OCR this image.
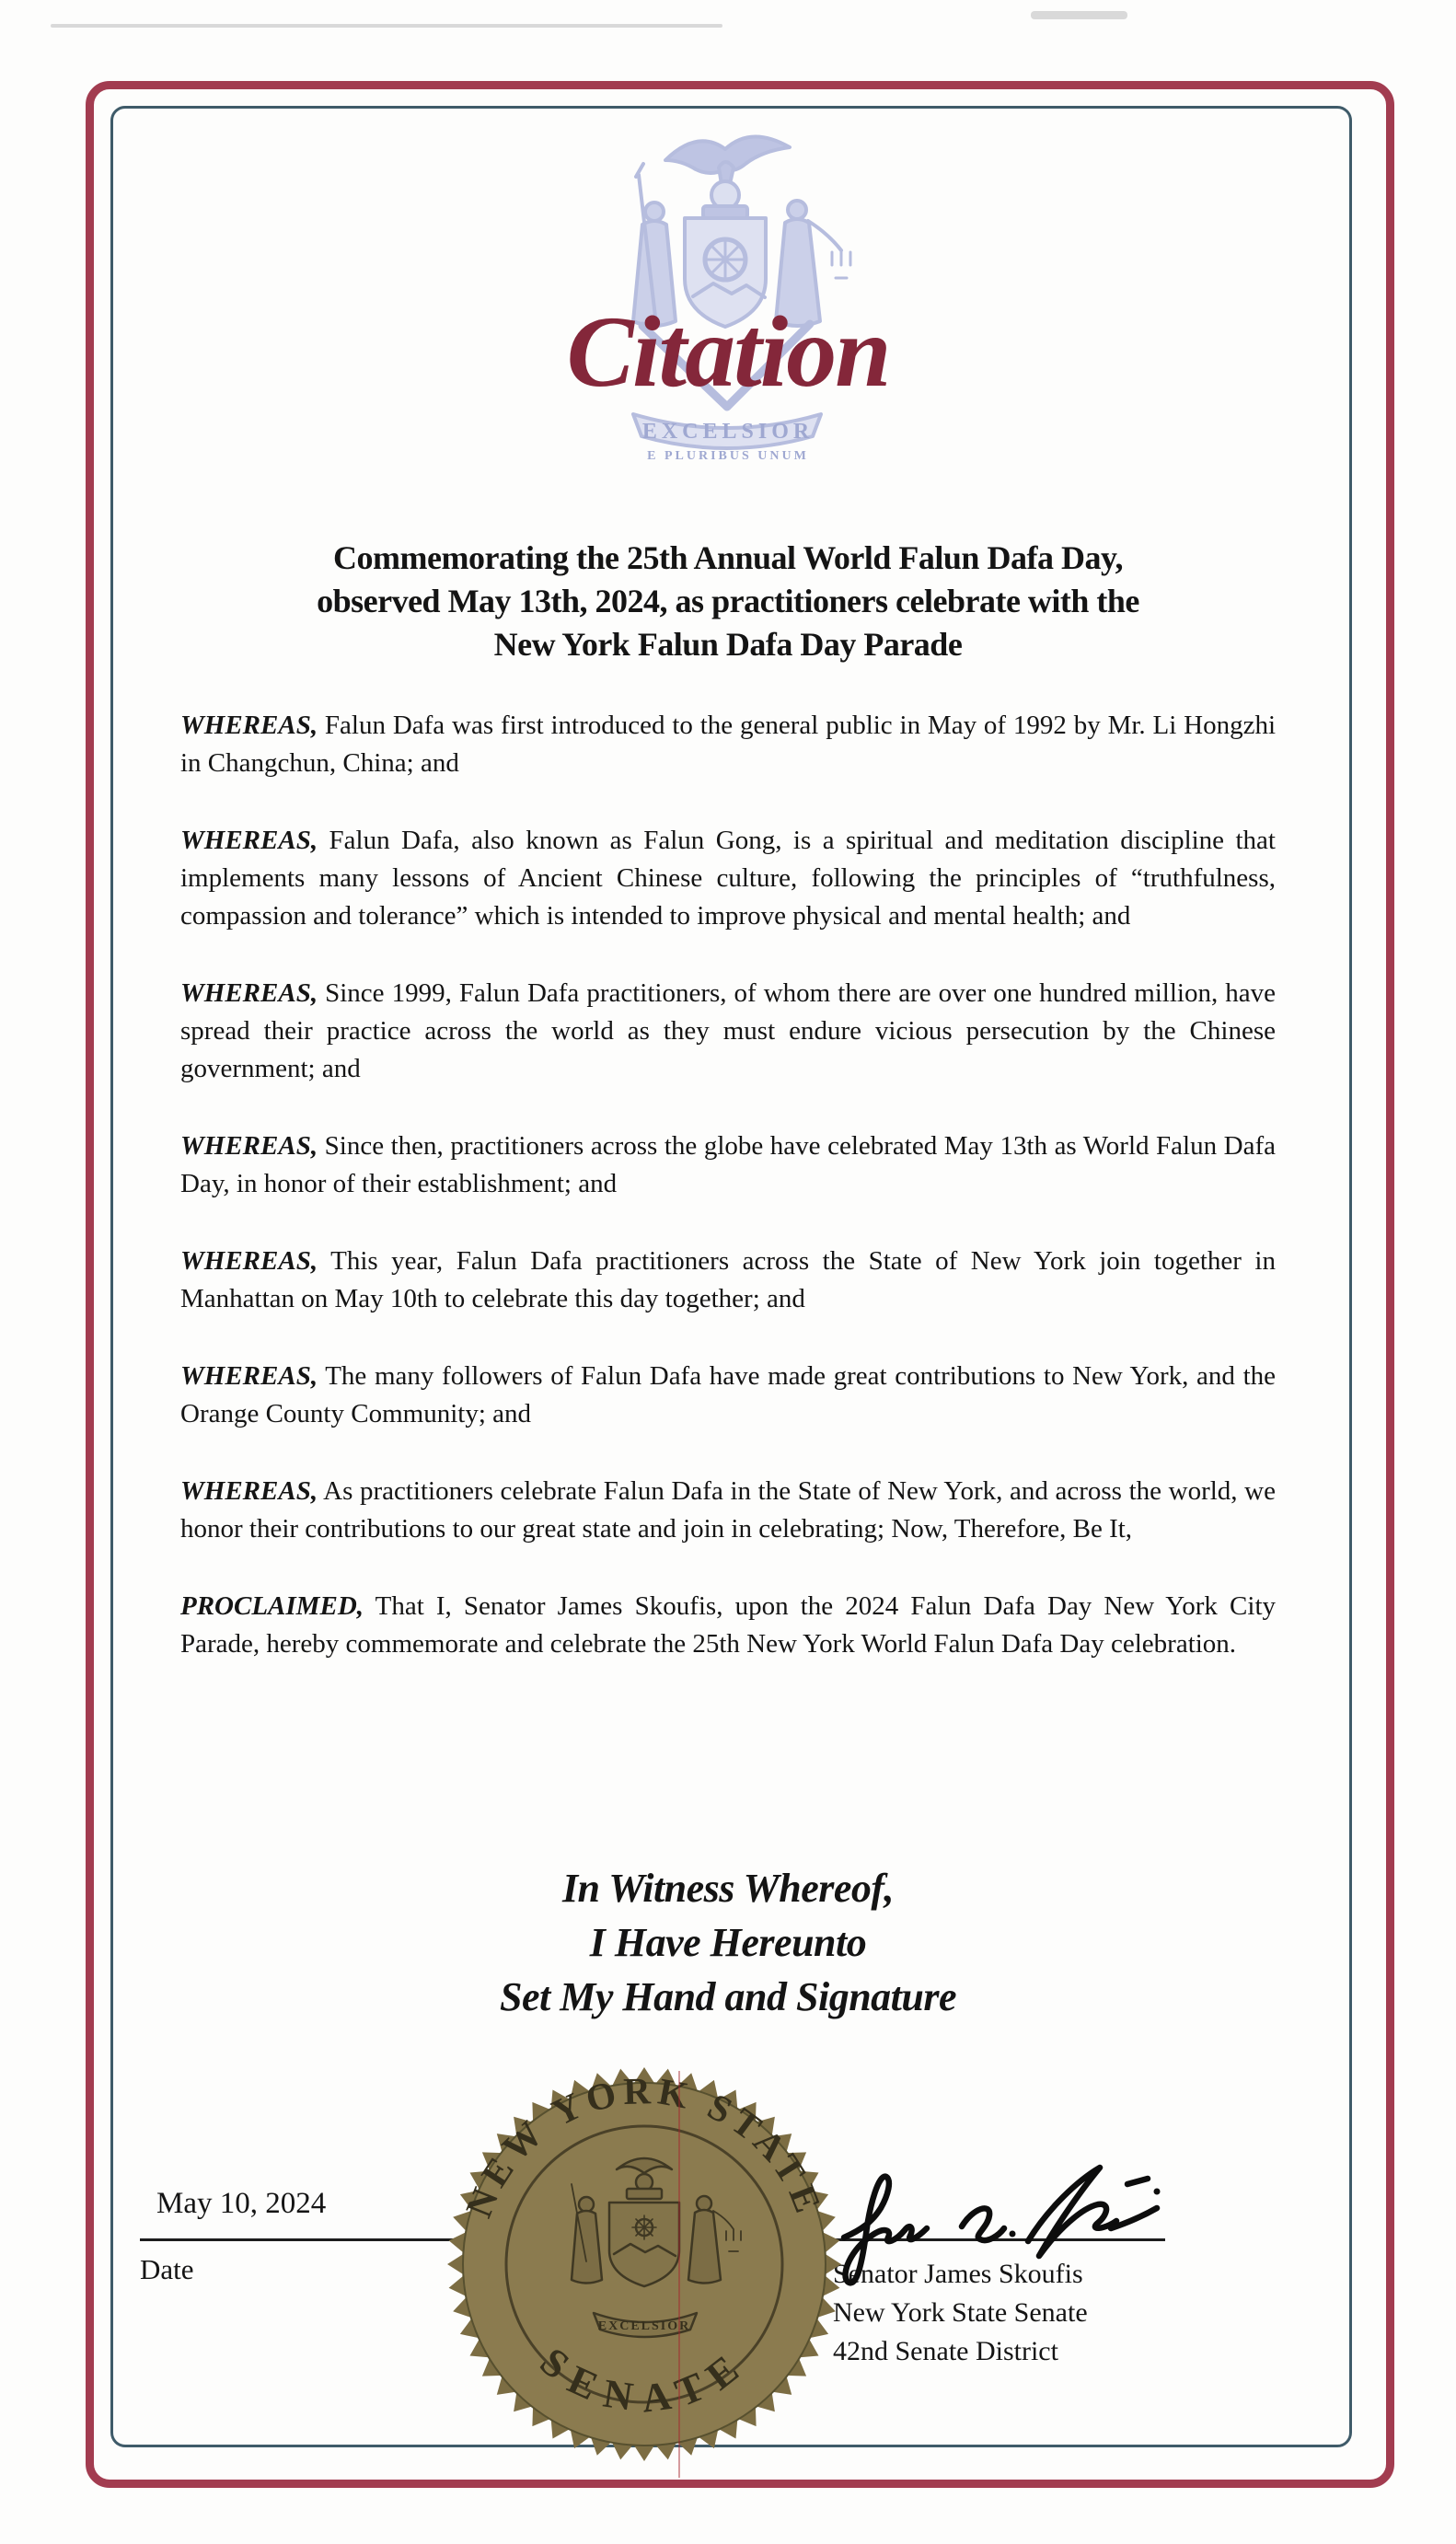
EXCELSIOR
E PLURIBUS UNUM
Citation
Commemorating the 25th Annual World Falun Dafa Day,
observed May 13th, 2024, as practitioners celebrate with the
New York Falun Dafa Day Parade

WHEREAS, Falun Dafa was first introduced to the general public in May of 1992 by Mr. Li Hongzhi in Changchun, China; and

WHEREAS, Falun Dafa, also known as Falun Gong, is a spiritual and meditation discipline that implements many lessons of Ancient Chinese culture, following the principles of “truthfulness, compassion and tolerance” which is intended to improve physical and mental health; and

WHEREAS, Since 1999, Falun Dafa practitioners, of whom there are over one hundred million, have spread their practice across the world as they must endure vicious persecution by the Chinese government; and

WHEREAS, Since then, practitioners across the globe have celebrated May 13th as World Falun Dafa Day, in honor of their establishment; and

WHEREAS, This year, Falun Dafa practitioners across the State of New York join together in Manhattan on May 10th to celebrate this day together; and

WHEREAS, The many followers of Falun Dafa have made great contributions to New York, and the Orange County Community; and

WHEREAS, As practitioners celebrate Falun Dafa in the State of New York, and across the world, we honor their contributions to our great state and join in celebrating; Now, Therefore, Be It,

PROCLAIMED, That I, Senator James Skoufis, upon the 2024 Falun Dafa Day New York City Parade, hereby commemorate and celebrate the 25th New York World Falun Dafa Day celebration.

In Witness Whereof,
I Have Hereunto
Set My Hand and Signature
May 10, 2024
Date	Senator James Skoufis
New York State Senate
42nd Senate District
NEW YORK STATE
SENATE
EXCELSIOR
